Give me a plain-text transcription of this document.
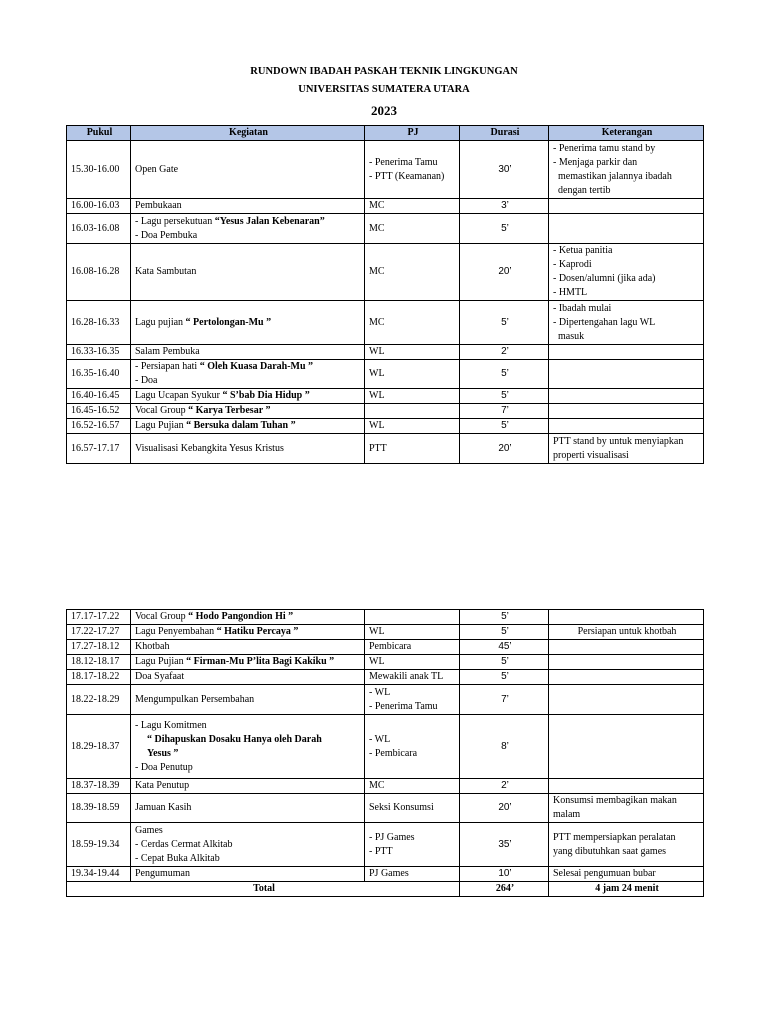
RUNDOWN IBADAH PASKAH TEKNIK LINGKUNGAN
UNIVERSITAS SUMATERA UTARA
2023
Pukul	Kegiatan	PJ	Durasi	Keterangan
15.30-16.00	Open Gate	- Penerima Tamu
- PTT (Keamanan)	30’	- Penerima tamu stand by
- Menjaga parkir dan
memastikan jalannya ibadah
dengan tertib

16.00-16.03	Pembukaan	MC	3’	
16.03-16.08	- Lagu persekutuan “Yesus Jalan Kebenaran”
- Doa Pembuka	MC	5’	
16.08-16.28	Kata Sambutan	MC	20’	- Ketua panitia
- Kaprodi
- Dosen/alumni (jika ada)
- HMTL

16.28-16.33	Lagu pujian “ Pertolongan-Mu ”	MC	5’	- Ibadah mulai
- Dipertengahan lagu WL
masuk

16.33-16.35	Salam Pembuka	WL	2’	
16.35-16.40	- Persiapan hati “ Oleh Kuasa Darah-Mu ”
- Doa	WL	5’	
16.40-16.45	Lagu Ucapan Syukur “ S’bab Dia Hidup ”	WL	5’	
16.45-16.52	Vocal Group “ Karya Terbesar ”		7’	
16.52-16.57	Lagu Pujian “ Bersuka dalam Tuhan ”	WL	5’	
16.57-17.17	Visualisasi Kebangkita Yesus Kristus	PTT	20’	PTT stand by untuk menyiapkan
properti visualisasi
17.17-17.22	Vocal Group “ Hodo Pangondion Hi ”		5’	
17.22-17.27	Lagu Penyembahan “ Hatiku Percaya ”	WL	5’	Persiapan untuk khotbah

17.27-18.12	Khotbah	Pembicara	45’	
18.12-18.17	Lagu Pujian “ Firman-Mu P’lita Bagi Kakiku ”	WL	5’	
18.17-18.22	Doa Syafaat	Mewakili anak TL	5’	
18.22-18.29	Mengumpulkan Persembahan	- WL
- Penerima Tamu	7’	
18.29-18.37	- Lagu Komitmen
“ Dihapuskan Dosaku Hanya oleh Darah
Yesus ”
- Doa Penutup	- WL
- Pembicara	8’	
18.37-18.39	Kata Penutup	MC	2’	
18.39-18.59	Jamuan Kasih	Seksi Konsumsi	20’	Konsumsi membagikan makan
malam

18.59-19.34	Games
- Cerdas Cermat Alkitab
- Cepat Buka Alkitab	- PJ Games
- PTT	35’	PTT mempersiapkan peralatan
yang dibutuhkan saat games

19.34-19.44	Pengumuman	PJ Games	10’	Selesai pengumuan bubar

Total			264’	4 jam 24 menit
